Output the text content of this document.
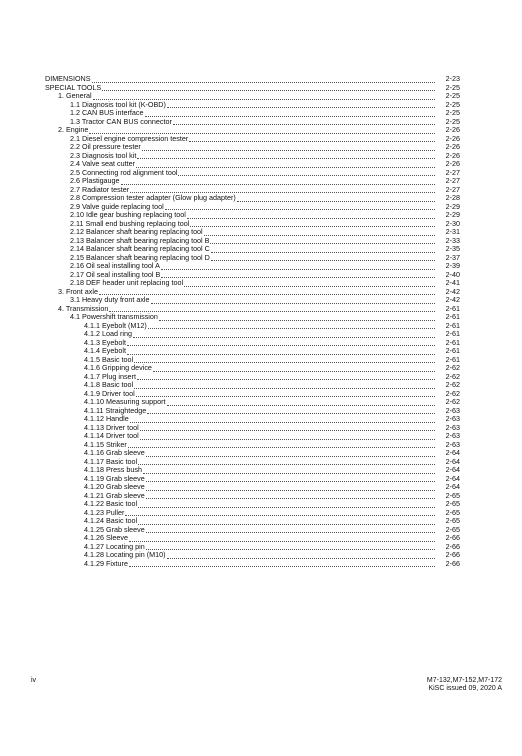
DIMENSIONS	2-23
SPECIAL TOOLS	2-25
1. General	2-25
1.1 Diagnosis tool kit (K-OBD)	2-25
1.2 CAN BUS interface	2-25
1.3 Tractor CAN BUS connector	2-25
2. Engine	2-26
2.1 Diesel engine compression tester	2-26
2.2 Oil pressure tester	2-26
2.3 Diagnosis tool kit	2-26
2.4 Valve seat cutter	2-26
2.5 Connecting rod alignment tool	2-27
2.6 Plastigauge	2-27
2.7 Radiator tester	2-27
2.8 Compression tester adapter (Glow plug adapter)	2-28
2.9 Valve guide replacing tool	2-29
2.10 Idle gear bushing replacing tool	2-29
2.11 Small end bushing replacing tool	2-30
2.12 Balancer shaft bearing replacing tool	2-31
2.13 Balancer shaft bearing replacing tool B	2-33
2.14 Balancer shaft bearing replacing tool C	2-35
2.15 Balancer shaft bearing replacing tool D	2-37
2.16 Oil seal installing tool A	2-39
2.17 Oil seal installing tool B	2-40
2.18 DEF header unit replacing tool	2-41
3. Front axle	2-42
3.1 Heavy duty front axle	2-42
4. Transmission	2-61
4.1 Powershift transmission	2-61
4.1.1 Eyebolt (M12)	2-61
4.1.2 Load ring	2-61
4.1.3 Eyebolt	2-61
4.1.4 Eyebolt	2-61
4.1.5 Basic tool	2-61
4.1.6 Gripping device	2-62
4.1.7 Plug insert	2-62
4.1.8 Basic tool	2-62
4.1.9 Driver tool	2-62
4.1.10 Measuring support	2-62
4.1.11 Straightedge	2-63
4.1.12 Handle	2-63
4.1.13 Driver tool	2-63
4.1.14 Driver tool	2-63
4.1.15 Striker	2-63
4.1.16 Grab sleeve	2-64
4.1.17 Basic tool	2-64
4.1.18 Press bush	2-64
4.1.19 Grab sleeve	2-64
4.1.20 Grab sleeve	2-64
4.1.21 Grab sleeve	2-65
4.1.22 Basic tool	2-65
4.1.23 Puller	2-65
4.1.24 Basic tool	2-65
4.1.25 Grab sleeve	2-65
4.1.26 Sleeve	2-66
4.1.27 Locating pin	2-66
4.1.28 Locating pin (M10)	2-66
4.1.29 Fixture	2-66
iv	M7-132,M7-152,M7-172
KiSC issued 09, 2020 A
